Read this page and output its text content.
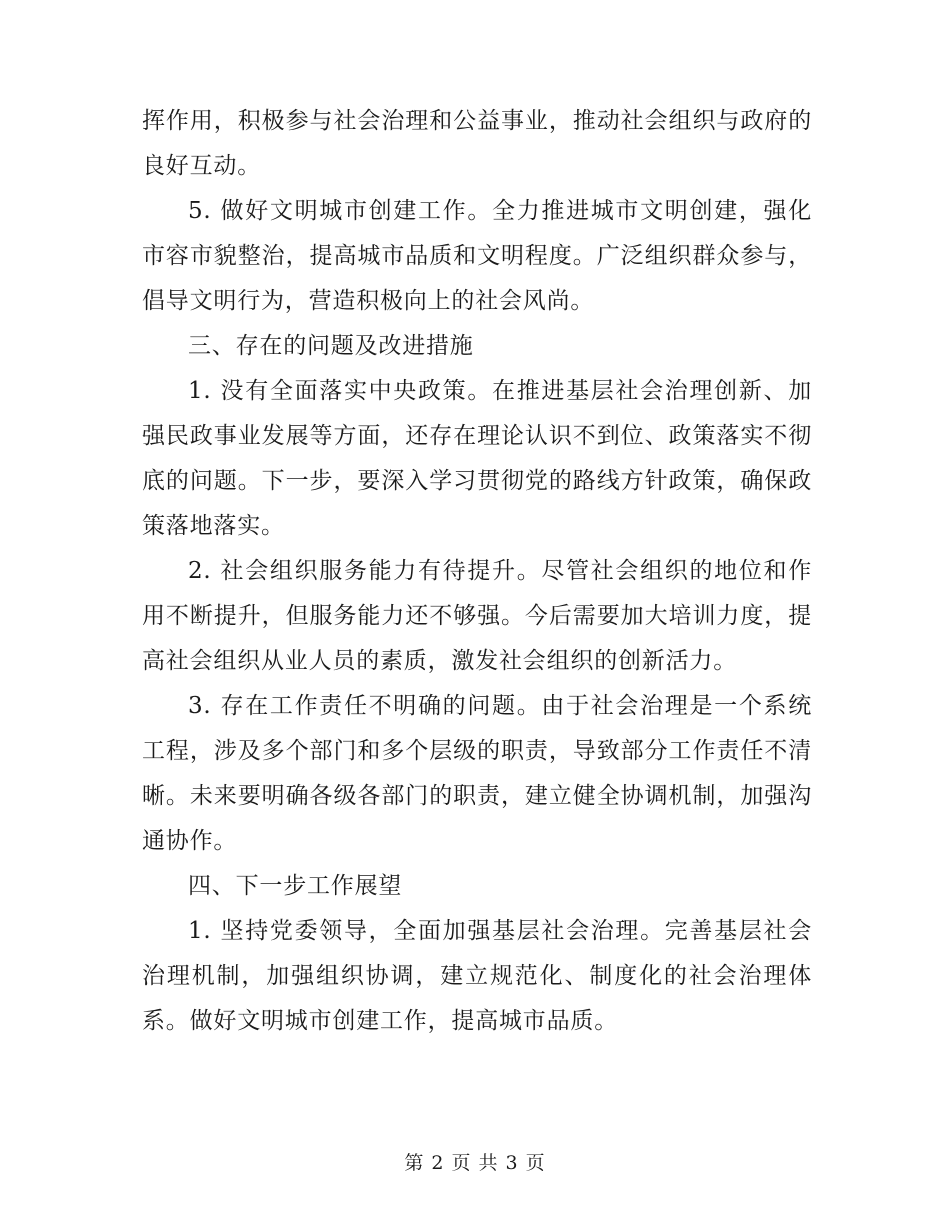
挥作用，积极参与社会治理和公益事业，推动社会组织与政府的良好互动。

5. 做好文明城市创建工作。全力推进城市文明创建，强化市容市貌整治，提高城市品质和文明程度。广泛组织群众参与，倡导文明行为，营造积极向上的社会风尚。

三、存在的问题及改进措施

1. 没有全面落实中央政策。在推进基层社会治理创新、加强民政事业发展等方面，还存在理论认识不到位、政策落实不彻底的问题。下一步，要深入学习贯彻党的路线方针政策，确保政策落地落实。

2. 社会组织服务能力有待提升。尽管社会组织的地位和作用不断提升，但服务能力还不够强。今后需要加大培训力度，提高社会组织从业人员的素质，激发社会组织的创新活力。

3. 存在工作责任不明确的问题。由于社会治理是一个系统工程，涉及多个部门和多个层级的职责，导致部分工作责任不清晰。未来要明确各级各部门的职责，建立健全协调机制，加强沟通协作。

四、下一步工作展望

1. 坚持党委领导，全面加强基层社会治理。完善基层社会治理机制，加强组织协调，建立规范化、制度化的社会治理体系。做好文明城市创建工作，提高城市品质。

第 2 页 共 3 页
